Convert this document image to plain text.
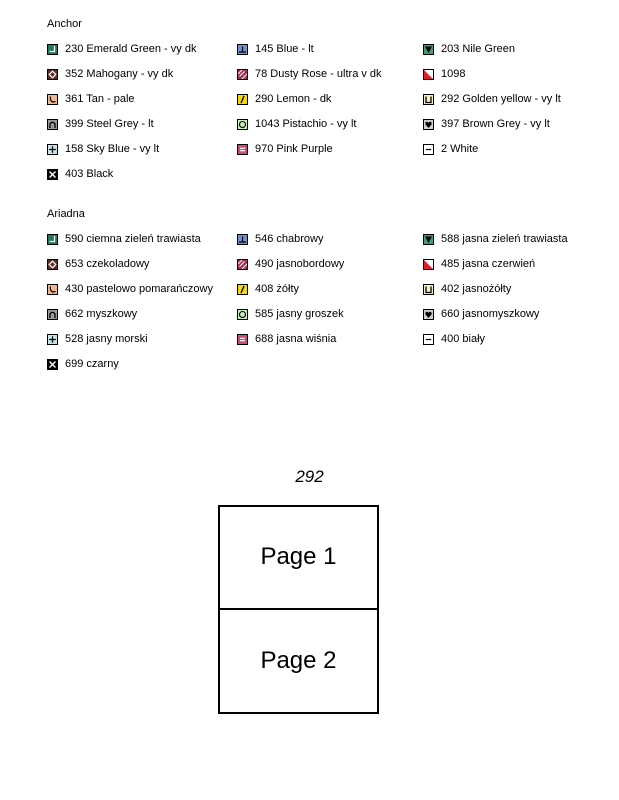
Anchor
Ariadna
230 Emerald Green - vy dk	145 Blue - lt	203 Nile Green
352 Mahogany - vy dk	78 Dusty Rose - ultra v dk	1098
361 Tan - pale	290 Lemon - dk	292 Golden yellow - vy lt
399 Steel Grey - lt	1043 Pistachio - vy lt	397 Brown Grey - vy lt
158 Sky Blue - vy lt	970 Pink Purple	2 White
403 Black
590 ciemna zieleń trawiasta	546 chabrowy	588 jasna zieleń trawiasta
653 czekoladowy	490 jasnobordowy	485 jasna czerwień
430 pastelowo pomarańczowy	408 żółty	402 jasnożółty
662 myszkowy	585 jasny groszek	660 jasnomyszkowy
528 jasny morski	688 jasna wiśnia	400 biały
699 czarny
292
Page 1
Page 2
